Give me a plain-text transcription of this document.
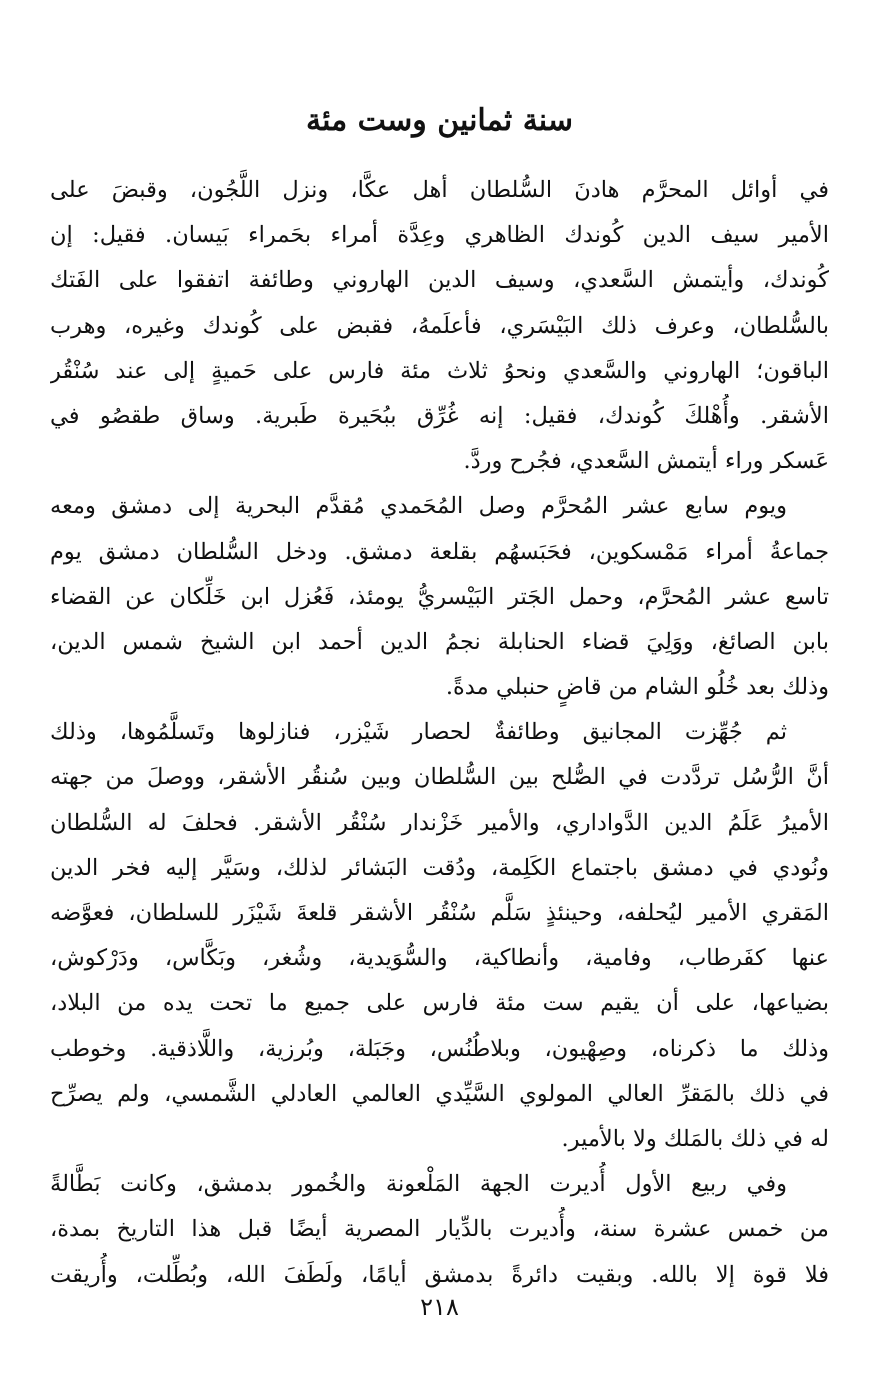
سنة ثمانين وست مئة

في أوائل المحرَّم هادنَ السُّلطان أهل عكَّا، ونزل اللَّجُون، وقبضَ على
الأمير سيف الدين كُوندك الظاهري وعِدَّة أمراء بحَمراء بَيسان. فقيل: إن
كُوندك، وأيتمش السَّعدي، وسيف الدين الهاروني وطائفة اتفقوا على الفَتك
بالسُّلطان، وعرف ذلك البَيْسَري، فأعلَمهُ، فقبض على كُوندك وغيره، وهرب
الباقون؛ الهاروني والسَّعدي ونحوُ ثلاث مئة فارس على حَميةٍ إلى عند سُنْقُر
الأشقر. وأُهْلكَ كُوندك، فقيل: إنه غُرِّق ببُحَيرة طَبرية. وساق طقصُو في
عَسكر وراء أيتمش السَّعدي، فجُرح وردَّ.

ويوم سابع عشر المُحرَّم وصل المُحَمدي مُقدَّم البحرية إلى دمشق ومعه
جماعةُ أمراء مَمْسكوين، فحَبَسهُم بقلعة دمشق. ودخل السُّلطان دمشق يوم
تاسع عشر المُحرَّم، وحمل الجَتر البَيْسريُّ يومئذ، فَعُزل ابن خَلِّكان عن القضاء
بابن الصائغ، ووَلِيَ قضاء الحنابلة نجمُ الدين أحمد ابن الشيخ شمس الدين،
وذلك بعد خُلُو الشام من قاضٍ حنبلي مدةً.

ثم جُهِّزت المجانيق وطائفةٌ لحصار شَيْزر، فنازلوها وتَسلَّمُوها، وذلك
أنَّ الرُّسُل تردَّدت في الصُّلح بين السُّلطان وبين سُنقُر الأشقر، ووصلَ من جهته
الأميرُ عَلَمُ الدين الدَّواداري، والأمير خَزْندار سُنْقُر الأشقر. فحلفَ له السُّلطان
ونُودي في دمشق باجتماع الكَلِمة، ودُقت البَشائر لذلك، وسَيَّر إليه فخر الدين
المَقري الأمير ليُحلفه، وحينئذٍ سَلَّم سُنْقُر الأشقر قلعةَ شَيْزَر للسلطان، فعوَّضه
عنها كفَرطاب، وفامية، وأنطاكية، والسُّوَيدية، وشُغر، وبَكَّاس، ودَرْكوش،
بضياعها، على أن يقيم ست مئة فارس على جميع ما تحت يده من البلاد،
وذلك ما ذكرناه، وصِهْيون، وبلاطُنُس، وجَبَلة، وبُرزية، واللَّاذقية. وخوطب
في ذلك بالمَقرِّ العالي المولوي السَّيِّدي العالمي العادلي الشَّمسي، ولم يصرِّح
له في ذلك بالمَلك ولا بالأمير.

وفي ربيع الأول أُديرت الجهة المَلْعونة والخُمور بدمشق، وكانت بَطَّالةً
من خمس عشرة سنة، وأُديرت بالدِّيار المصرية أيضًا قبل هذا التاريخ بمدة،
فلا قوة إلا بالله. وبقيت دائرةً بدمشق أيامًا، ولَطَفَ الله، وبُطِّلت، وأُريقت

٢١٨
